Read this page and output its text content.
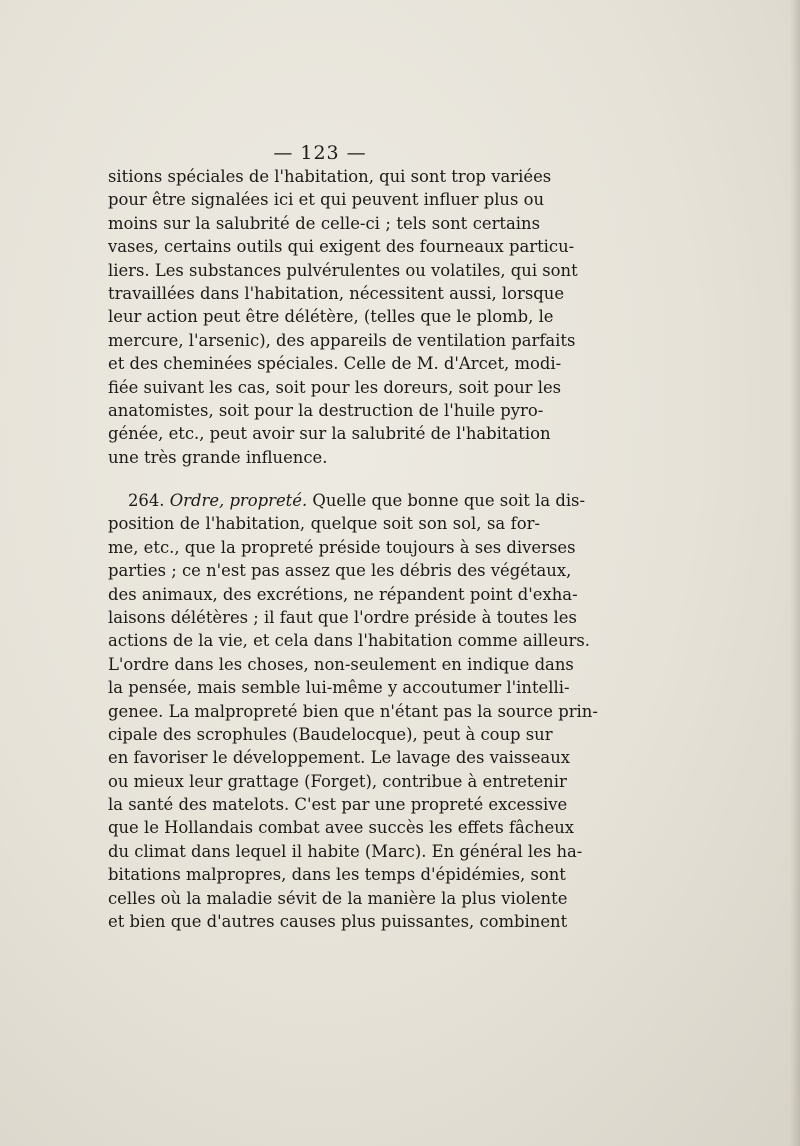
— 123 —
sitions spéciales de l'habitation, qui sont trop variées
pour être signalées ici et qui peuvent influer plus ou
moins sur la salubrité de celle-ci ; tels sont certains
vases, certains outils qui exigent des fourneaux particu-
liers. Les substances pulvérulentes ou volatiles, qui sont
travaillées dans l'habitation, nécessitent aussi, lorsque
leur action peut être délétère, (telles que le plomb, le
mercure, l'arsenic), des appareils de ventilation parfaits
et des cheminées spéciales. Celle de M. d'Arcet, modi-
fiée suivant les cas, soit pour les doreurs, soit pour les
anatomistes, soit pour la destruction de l'huile pyro-
génée, etc., peut avoir sur la salubrité de l'habitation
une très grande influence.
264. Ordre, propreté. Quelle que bonne que soit la dis-
position de l'habitation, quelque soit son sol, sa for-
me, etc., que la propreté préside toujours à ses diverses
parties ; ce n'est pas assez que les débris des végétaux,
des animaux, des excrétions, ne répandent point d'exha-
laisons délétères ; il faut que l'ordre préside à toutes les
actions de la vie, et cela dans l'habitation comme ailleurs.
L'ordre dans les choses, non-seulement en indique dans
la pensée, mais semble lui-même y accoutumer l'intelli-
genee. La malpropreté bien que n'étant pas la source prin-
cipale des scrophules (Baudelocque), peut à coup sur
en favoriser le développement. Le lavage des vaisseaux
ou mieux leur grattage (Forget), contribue à entretenir
la santé des matelots. C'est par une propreté excessive
que le Hollandais combat avee succès les effets fâcheux
du climat dans lequel il habite (Marc). En général les ha-
bitations malpropres, dans les temps d'épidémies, sont
celles où la maladie sévit de la manière la plus violente
et bien que d'autres causes plus puissantes, combinent
